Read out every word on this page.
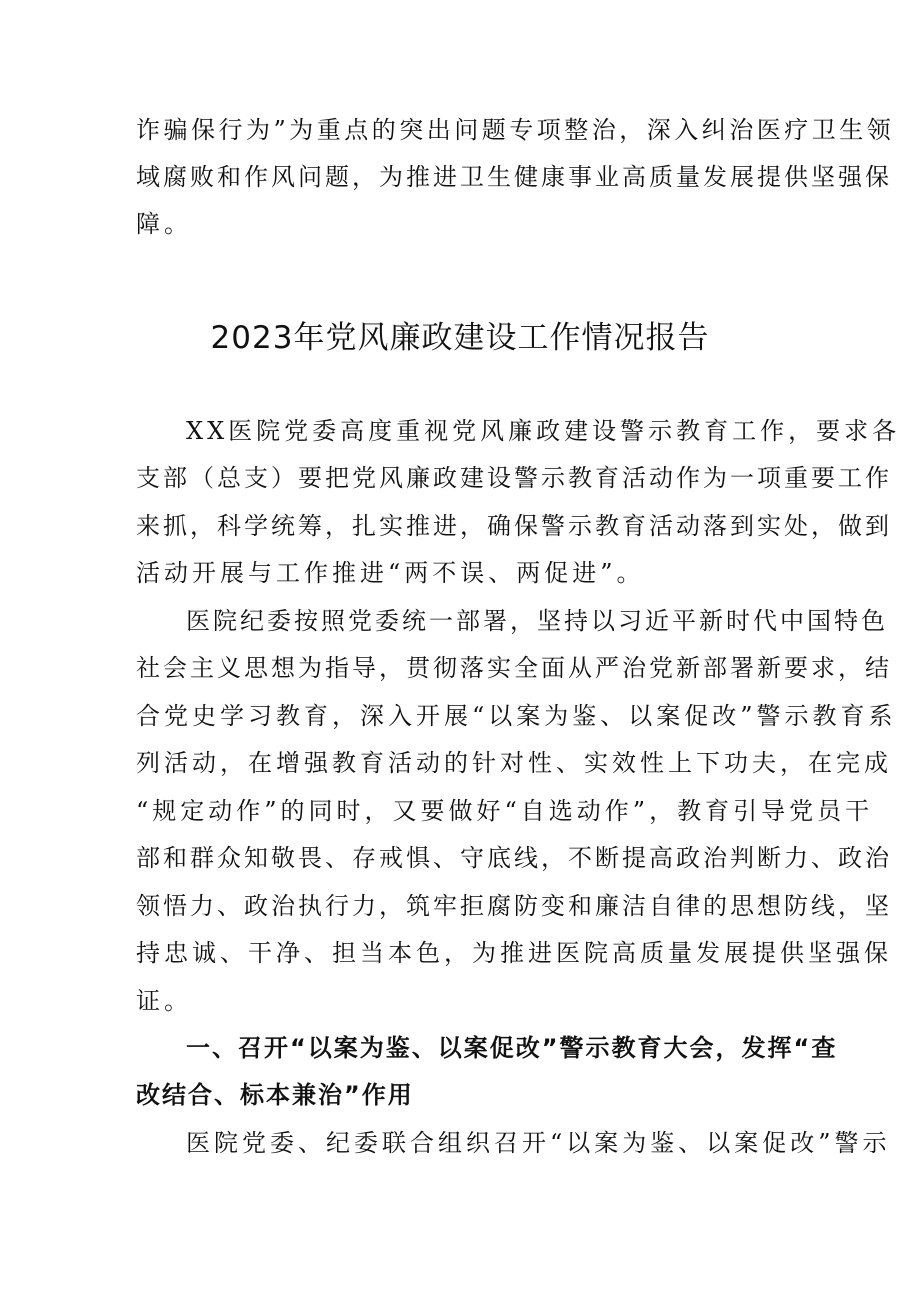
诈骗保行为”为重点的突出问题专项整治，深入纠治医疗卫生领

域腐败和作风问题，为推进卫生健康事业高质量发展提供坚强保

障。

2023年党风廉政建设工作情况报告

XX医院党委高度重视党风廉政建设警示教育工作，要求各

支部（总支）要把党风廉政建设警示教育活动作为一项重要工作

来抓，科学统筹，扎实推进，确保警示教育活动落到实处，做到

活动开展与工作推进“两不误、两促进”。

医院纪委按照党委统一部署，坚持以习近平新时代中国特色

社会主义思想为指导，贯彻落实全面从严治党新部署新要求，结

合党史学习教育，深入开展“以案为鉴、以案促改”警示教育系

列活动，在增强教育活动的针对性、实效性上下功夫，在完成

“规定动作”的同时，又要做好“自选动作”，教育引导党员干

部和群众知敬畏、存戒惧、守底线，不断提高政治判断力、政治

领悟力、政治执行力，筑牢拒腐防变和廉洁自律的思想防线，坚

持忠诚、干净、担当本色，为推进医院高质量发展提供坚强保

证。

一、召开“以案为鉴、以案促改”警示教育大会，发挥“查

改结合、标本兼治”作用

医院党委、纪委联合组织召开“以案为鉴、以案促改”警示
